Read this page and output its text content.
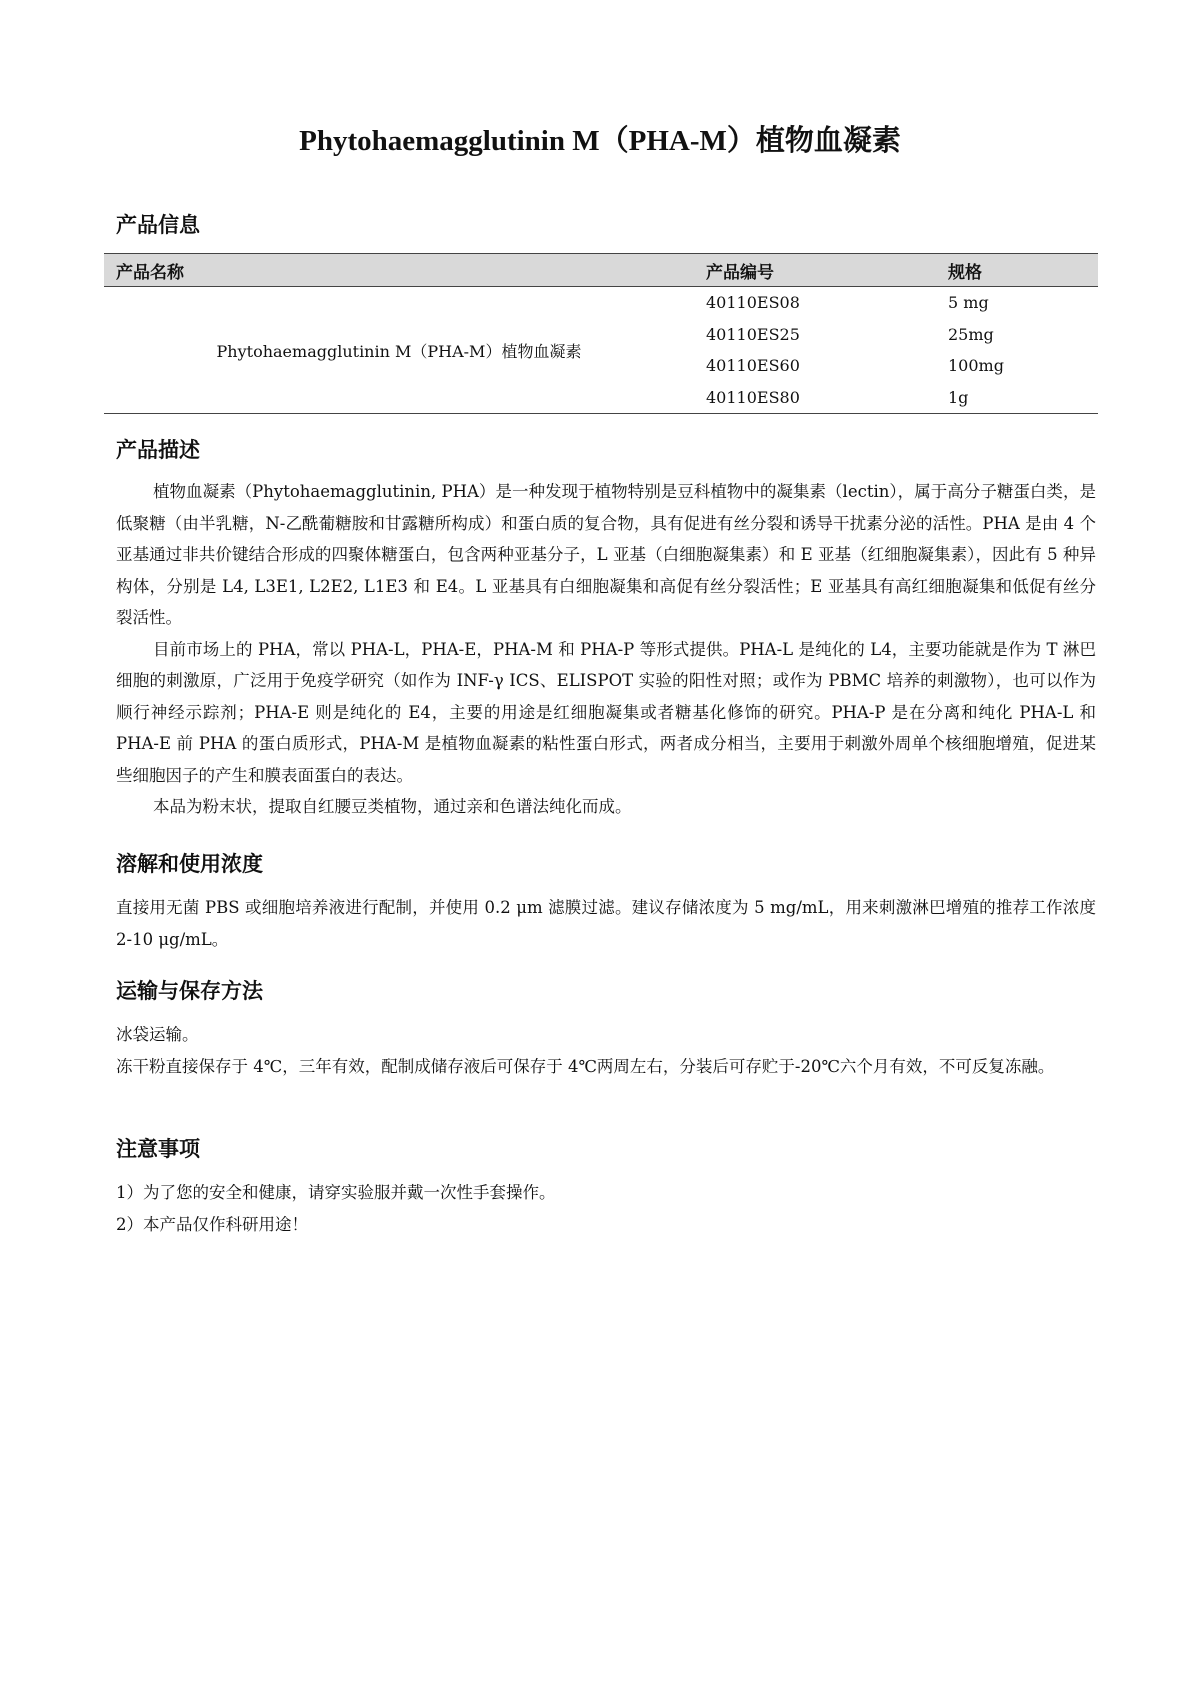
Phytohaemagglutinin M（PHA-M）植物血凝素
产品信息
产品名称	产品编号	规格
Phytohaemagglutinin M（PHA-M）植物血凝素	40110ES08	5 mg
	40110ES25	25mg
	40110ES60	100mg
	40110ES80	1g
产品描述

植物血凝素（Phytohaemagglutinin, PHA）是一种发现于植物特别是豆科植物中的凝集素（lectin），属于高分子糖蛋白类，是低聚糖（由半乳糖，N-乙酰葡糖胺和甘露糖所构成）和蛋白质的复合物，具有促进有丝分裂和诱导干扰素分泌的活性。PHA 是由 4 个亚基通过非共价键结合形成的四聚体糖蛋白，包含两种亚基分子，L 亚基（白细胞凝集素）和 E 亚基（红细胞凝集素），因此有 5 种异构体，分别是 L4, L3E1, L2E2, L1E3 和 E4。L 亚基具有白细胞凝集和高促有丝分裂活性；E 亚基具有高红细胞凝集和低促有丝分裂活性。

目前市场上的 PHA，常以 PHA-L，PHA-E，PHA-M 和 PHA-P 等形式提供。PHA-L 是纯化的 L4，主要功能就是作为 T 淋巴细胞的刺激原，广泛用于免疫学研究（如作为 INF-γ ICS、ELISPOT 实验的阳性对照；或作为 PBMC 培养的刺激物），也可以作为顺行神经示踪剂；PHA-E 则是纯化的 E4，主要的用途是红细胞凝集或者糖基化修饰的研究。PHA-P 是在分离和纯化 PHA-L 和 PHA-E 前 PHA 的蛋白质形式，PHA-M 是植物血凝素的粘性蛋白形式，两者成分相当，主要用于刺激外周单个核细胞增殖，促进某些细胞因子的产生和膜表面蛋白的表达。

本品为粉末状，提取自红腰豆类植物，通过亲和色谱法纯化而成。

溶解和使用浓度

直接用无菌 PBS 或细胞培养液进行配制，并使用 0.2 μm 滤膜过滤。建议存储浓度为 5 mg/mL，用来刺激淋巴增殖的推荐工作浓度 2-10 μg/mL。

运输与保存方法

冰袋运输。

冻干粉直接保存于 4℃，三年有效，配制成储存液后可保存于 4℃两周左右，分装后可存贮于-20℃六个月有效，不可反复冻融。

注意事项

1）为了您的安全和健康，请穿实验服并戴一次性手套操作。

2）本产品仅作科研用途！
